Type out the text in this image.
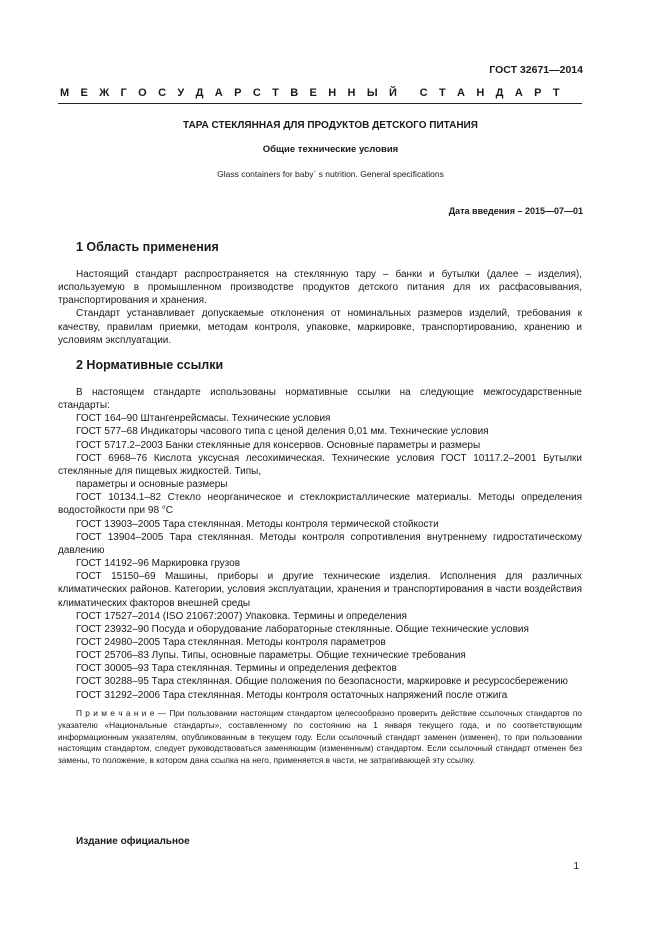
ГОСТ 32671—2014
М Е Ж Г О С У Д А Р С Т В Е Н Н Ы Й С Т А Н Д А Р Т
ТАРА СТЕКЛЯННАЯ ДЛЯ ПРОДУКТОВ ДЕТСКОГО ПИТАНИЯ
Общие технические условия
Glass containers for baby` s nutrition. General specifications
Дата введения – 2015—07—01
1 Область применения
Настоящий стандарт распространяется на стеклянную тару – банки и бутылки (далее – изделия), используемую в промышленном производстве продуктов детского питания для их расфасовывания, транспортирования и хранения.
Стандарт устанавливает допускаемые отклонения от номинальных размеров изделий, требования к качеству, правилам приемки, методам контроля, упаковке, маркировке, транспортированию, хранению и условиям эксплуатации.
2 Нормативные ссылки
В настоящем стандарте использованы нормативные ссылки на следующие межгосударственные стандарты:
ГОСТ 164–90 Штангенрейсмасы. Технические условия
ГОСТ 577–68 Индикаторы часового типа с ценой деления 0,01 мм. Технические условия
ГОСТ 5717.2–2003 Банки стеклянные для консервов. Основные параметры и размеры
ГОСТ 6968–76 Кислота уксусная лесохимическая. Технические условия ГОСТ 10117.2–2001 Бутылки стеклянные для пищевых жидкостей. Типы,
параметры и основные размеры
ГОСТ 10134.1–82 Стекло неорганическое и стеклокристаллические материалы. Методы определения водостойкости при 98 °С
ГОСТ 13903–2005 Тара стеклянная. Методы контроля термической стойкости
ГОСТ 13904–2005 Тара стеклянная. Методы контроля сопротивления внутреннему гидростатическому давлению
ГОСТ 14192–96 Маркировка грузов
ГОСТ 15150–69 Машины, приборы и другие технические изделия. Исполнения для различных климатических районов. Категории, условия эксплуатации, хранения и транспортирования в части воздействия климатических факторов внешней среды
ГОСТ 17527–2014 (ISO 21067:2007) Упаковка. Термины и определения
ГОСТ 23932–90 Посуда и оборудование лабораторные стеклянные. Общие технические условия
ГОСТ 24980–2005 Тара стеклянная. Методы контроля параметров
ГОСТ 25706–83 Лупы. Типы, основные параметры. Общие технические требования
ГОСТ 30005–93 Тара стеклянная. Термины и определения дефектов
ГОСТ 30288–95 Тара стеклянная. Общие положения по безопасности, маркировке и ресурсосбережению
ГОСТ 31292–2006 Тара стеклянная. Методы контроля остаточных напряжений после отжига
П р и м е ч а н и е — При пользовании настоящим стандартом целесообразно проверить действие ссылочных стандартов по указателю «Национальные стандарты», составленному по состоянию на 1 января текущего года, и по соответствующим информационным указателям, опубликованным в текущем году. Если ссылочный стандарт заменен (изменен), то при пользовании настоящим стандартом, следует руководствоваться заменяющим (измененным) стандартом. Если ссылочный стандарт отменен без замены, то положение, в котором дана ссылка на него, применяется в части, не затрагивающей эту ссылку.
Издание официальное
1
